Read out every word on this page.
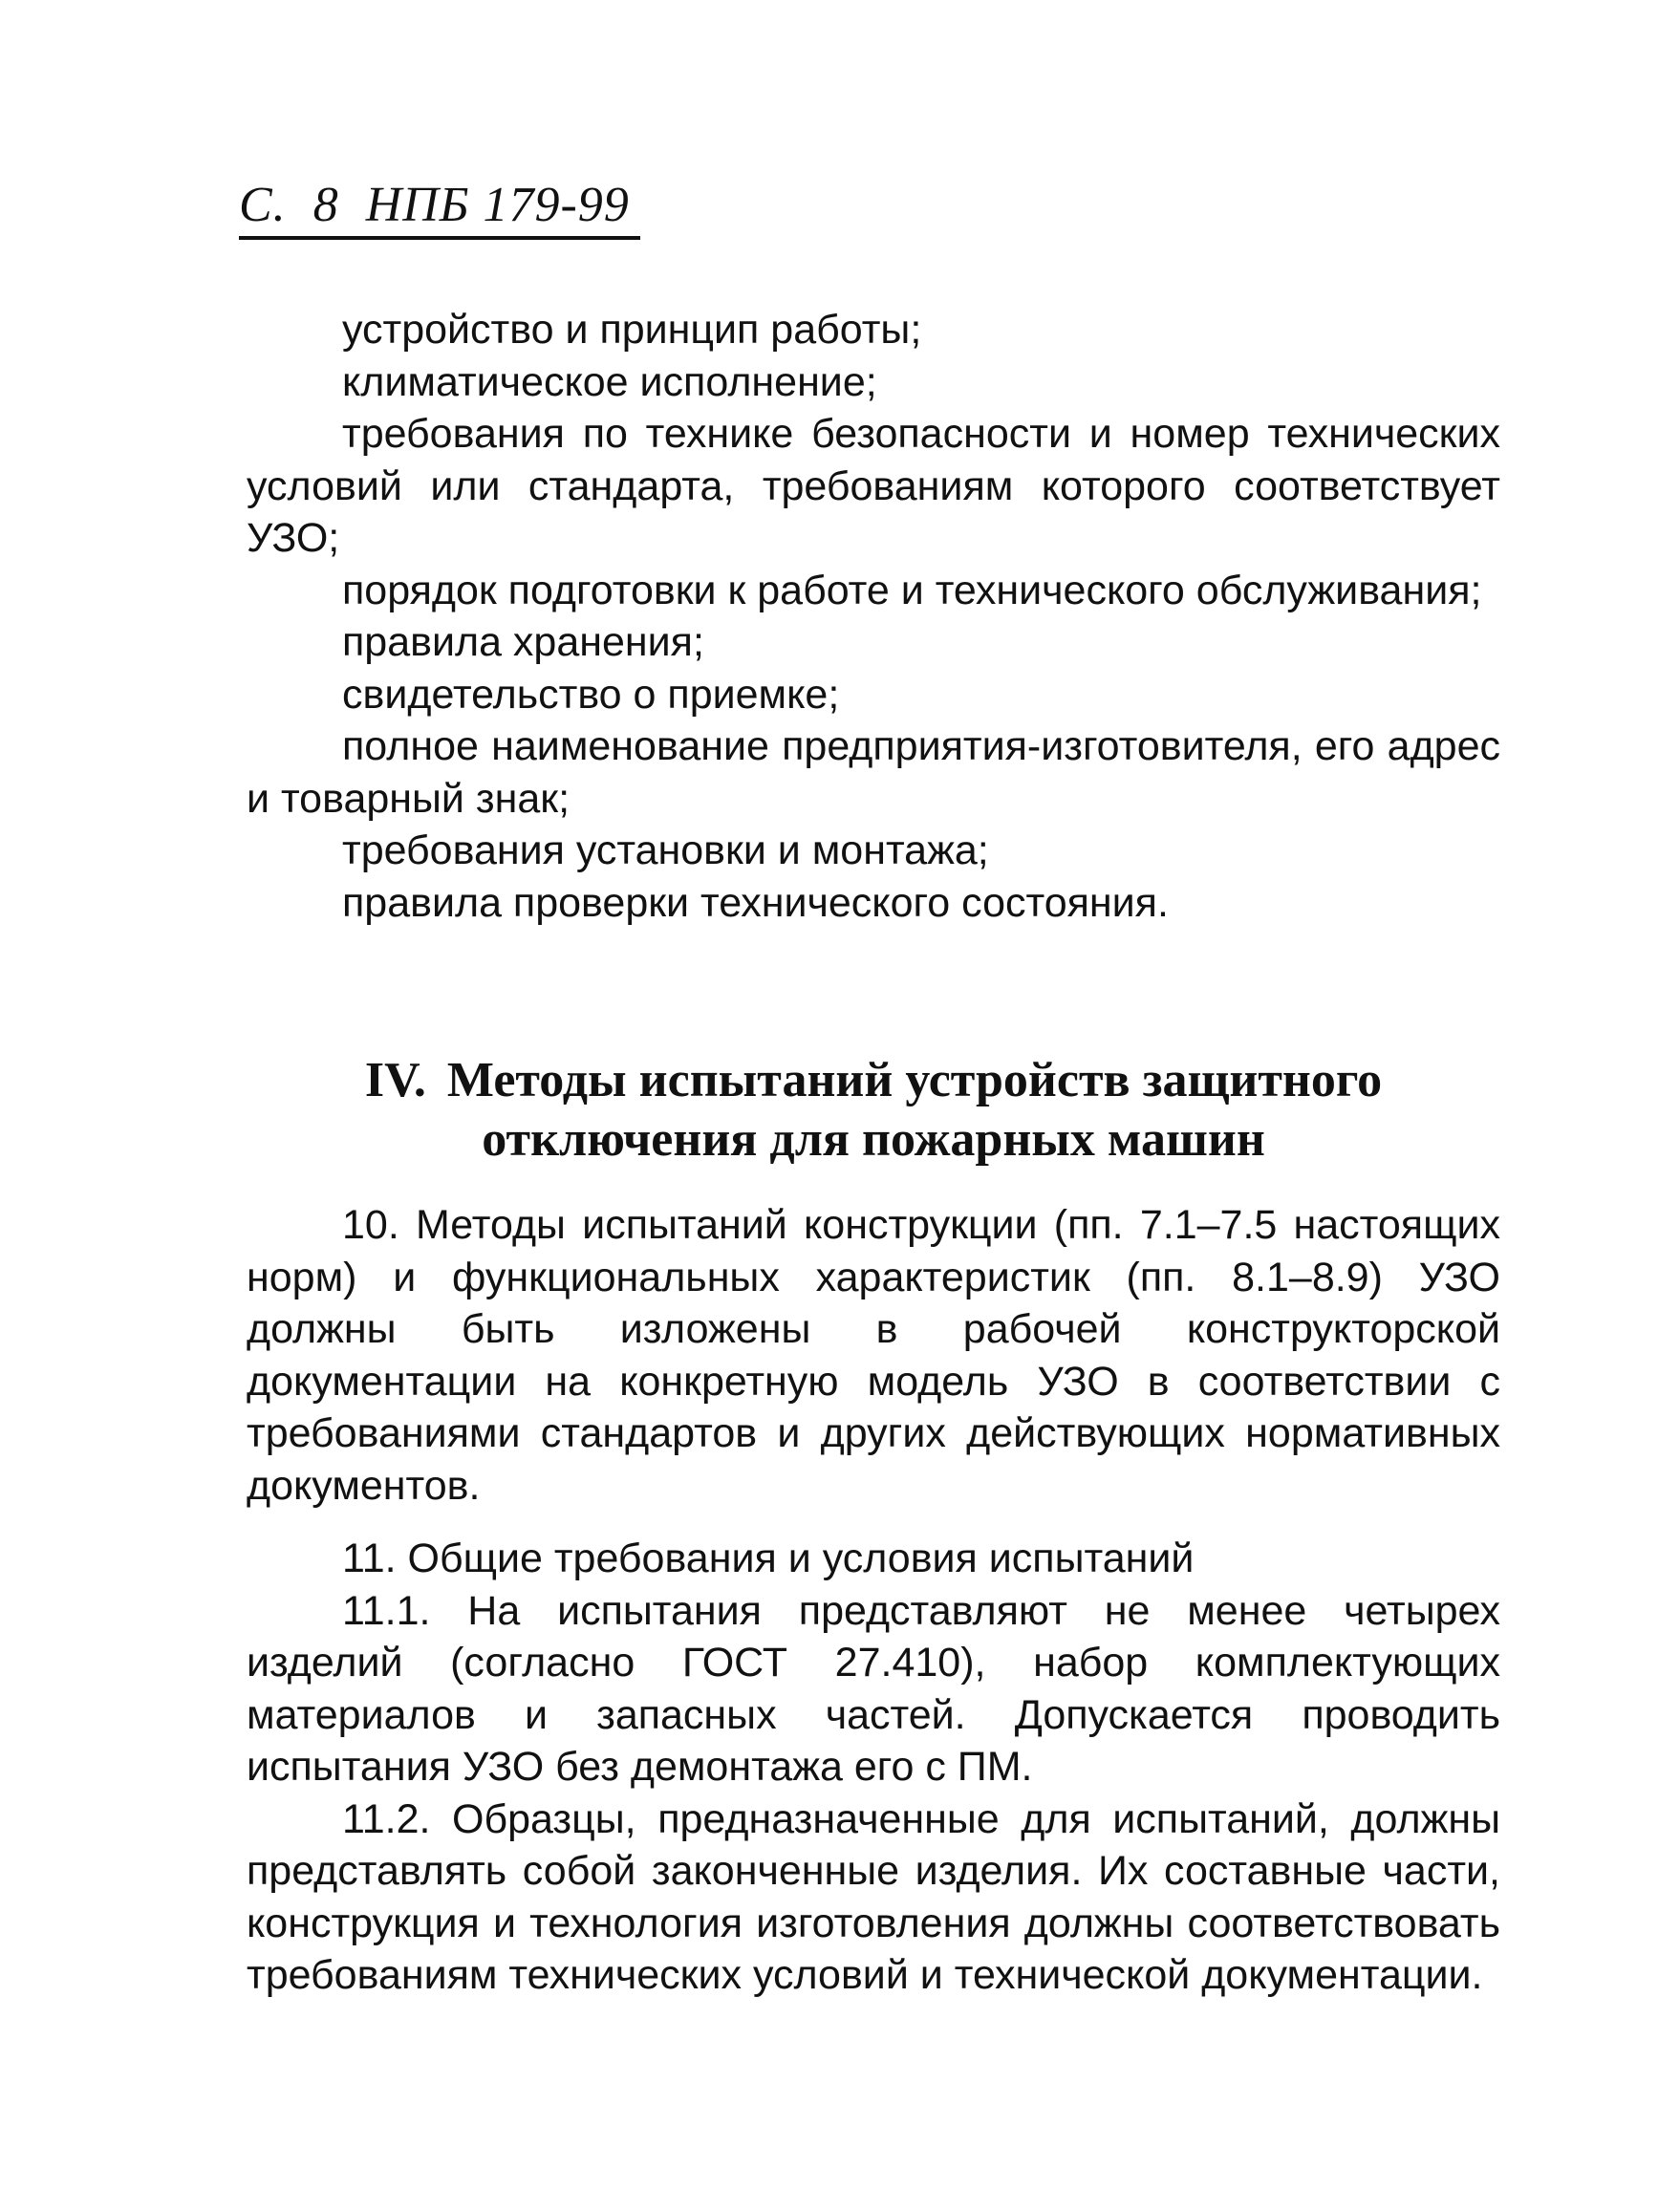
С. 8 НПБ 179-99

устройство и принцип работы;

климатическое исполнение;

требования по технике безопасности и номер технических условий или стандарта, требованиям которого соответствует УЗО;

порядок подготовки к работе и технического обслуживания;

правила хранения;

свидетельство о приемке;

полное наименование предприятия-изготовителя, его адрес и товарный знак;

требования установки и монтажа;

правила проверки технического состояния.

IV. Методы испытаний устройств защитного
отключения для пожарных машин

10. Методы испытаний конструкции (пп. 7.1–7.5 настоящих норм) и функциональных характеристик (пп. 8.1–8.9) УЗО должны быть изложены в рабочей конструкторской документации на конкретную модель УЗО в соответствии с требованиями стандартов и других действующих нормативных документов.

11. Общие требования и условия испытаний

11.1. На испытания представляют не менее четырех изделий (согласно ГОСТ 27.410), набор комплектующих материалов и запасных частей. Допускается проводить испытания УЗО без демонтажа его с ПМ.

11.2. Образцы, предназначенные для испытаний, должны представлять собой законченные изделия. Их составные части, конструкция и технология изготовления должны соответствовать требованиям технических условий и технической документации.
